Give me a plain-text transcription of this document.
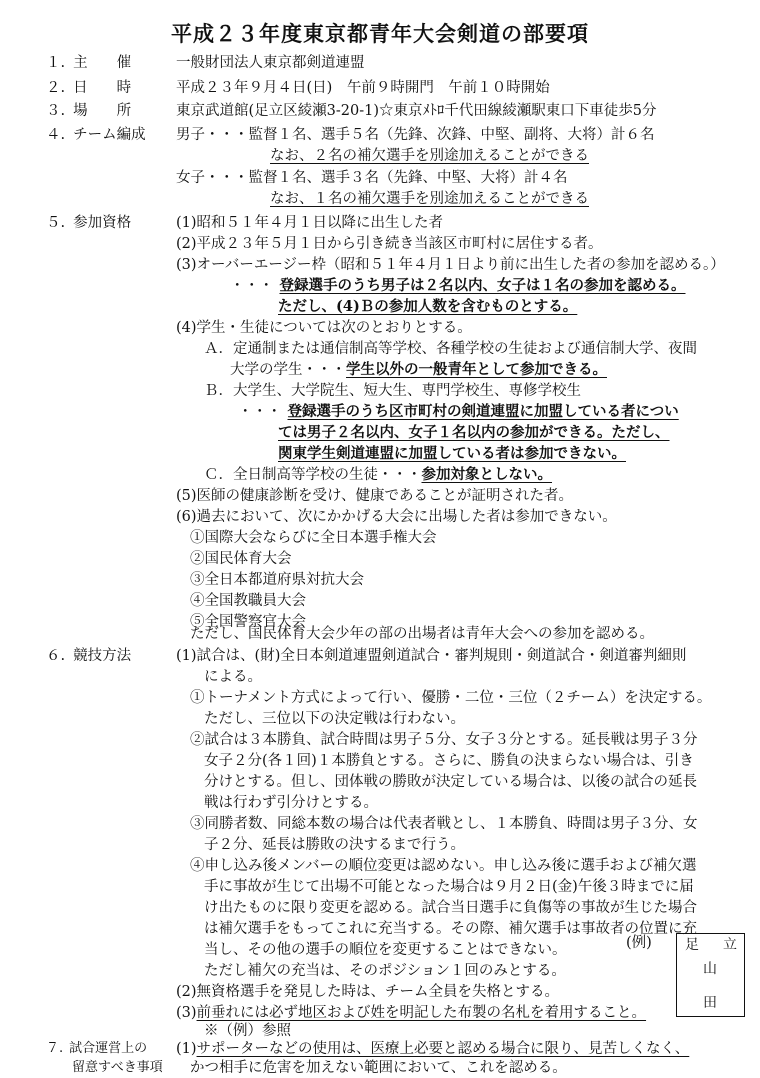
平成２３年度東京都青年大会剣道の部要項
１. 主　　催
２. 日　　時
３. 場　　所
４. チーム編成
５. 参加資格
６. 競技方法
７. 試合運営上の
留意すべき事項
一般財団法人東京都剣道連盟
平成２３年９月４日(日)　午前９時開門　午前１０時開始
東京武道館(足立区綾瀬3-20-1)☆東京ﾒﾄﾛ千代田線綾瀬駅東口下車徒歩5分
男子・・・監督１名、選手５名（先鋒、次鋒、中堅、副将、大将）計６名
なお、２名の補欠選手を別途加えることができる
女子・・・監督１名、選手３名（先鋒、中堅、大将）計４名
なお、１名の補欠選手を別途加えることができる
(1)昭和５１年４月１日以降に出生した者
(2)平成２３年５月１日から引き続き当該区市町村に居住する者。
(3)オーバーエージー枠（昭和５１年４月１日より前に出生した者の参加を認める。）
・・・ 登録選手のうち男子は２名以内、女子は１名の参加を認める。
ただし、(4)Ｂの参加人数を含むものとする。
(4)学生・生徒については次のとおりとする。
Ａ．定通制または通信制高等学校、各種学校の生徒および通信制大学、夜間
大学の学生・・・学生以外の一般青年として参加できる。
Ｂ．大学生、大学院生、短大生、専門学校生、専修学校生
・・・ 登録選手のうち区市町村の剣道連盟に加盟している者につい
ては男子２名以内、女子１名以内の参加ができる。ただし、
関東学生剣道連盟に加盟している者は参加できない。
Ｃ．全日制高等学校の生徒・・・参加対象としない。
(5)医師の健康診断を受け、健康であることが証明された者。
(6)過去において、次にかかげる大会に出場した者は参加できない。
①国際大会ならびに全日本選手権大会
②国民体育大会
③全日本都道府県対抗大会
④全国教職員大会
⑤全国警察官大会
ただし、国民体育大会少年の部の出場者は青年大会への参加を認める。
(1)試合は、(財)全日本剣道連盟剣道試合・審判規則・剣道試合・剣道審判細則
による。
①トーナメント方式によって行い、優勝・二位・三位（２チーム）を決定する。
ただし、三位以下の決定戦は行わない。
②試合は３本勝負、試合時間は男子５分、女子３分とする。延長戦は男子３分
女子２分(各１回)１本勝負とする。さらに、勝負の決まらない場合は、引き
分けとする。但し、団体戦の勝敗が決定している場合は、以後の試合の延長
戦は行わず引分けとする。
③同勝者数、同総本数の場合は代表者戦とし、１本勝負、時間は男子３分、女
子２分、延長は勝敗の決するまで行う。
④申し込み後メンバーの順位変更は認めない。申し込み後に選手および補欠選
手に事故が生じて出場不可能となった場合は９月２日(金)午後３時までに届
け出たものに限り変更を認める。試合当日選手に負傷等の事故が生じた場合
は補欠選手をもってこれに充当する。その際、補欠選手は事故者の位置に充
当し、その他の選手の順位を変更することはできない。	(例)
ただし補欠の充当は、そのポジション１回のみとする。
(2)無資格選手を発見した時は、チーム全員を失格とする。
(3)前垂れには必ず地区および姓を明記した布製の名札を着用すること。
※（例）参照
足 立
山
田
(1)サポーターなどの使用は、医療上必要と認める場合に限り、見苦しくなく、
かつ相手に危害を加えない範囲において、これを認める。
